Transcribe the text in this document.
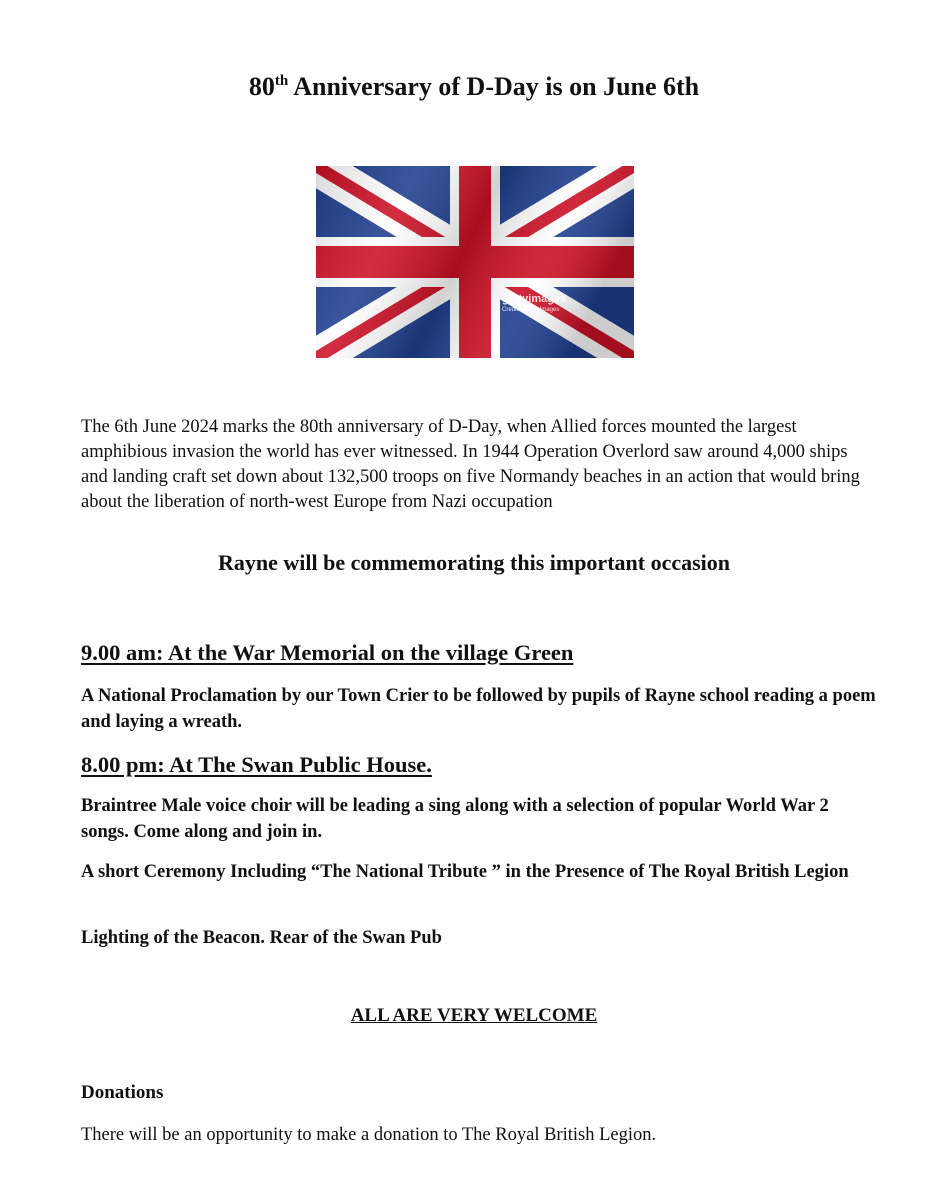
80th Anniversary of D-Day is on June 6th
gettyimages
Credit: SimpleImages

The 6th June 2024 marks the 80th anniversary of D-Day, when Allied forces mounted the largest amphibious invasion the world has ever witnessed. In 1944 Operation Overlord saw around 4,000 ships and landing craft set down about 132,500 troops on five Normandy beaches in an action that would bring about the liberation of north-west Europe from Nazi occupation

Rayne will be commemorating this important occasion
9.00 am: At the War Memorial on the village Green

A National Proclamation by our Town Crier to be followed by pupils of Rayne school reading a poem and laying a wreath.

8.00 pm: At The Swan Public House.

Braintree Male voice choir will be leading a sing along with a selection of popular World War 2 songs. Come along and join in.

A short Ceremony Including “The National Tribute ” in the Presence of The Royal British Legion

Lighting of the Beacon. Rear of the Swan Pub

ALL ARE VERY WELCOME
Donations
There will be an opportunity to make a donation to The Royal British Legion.
